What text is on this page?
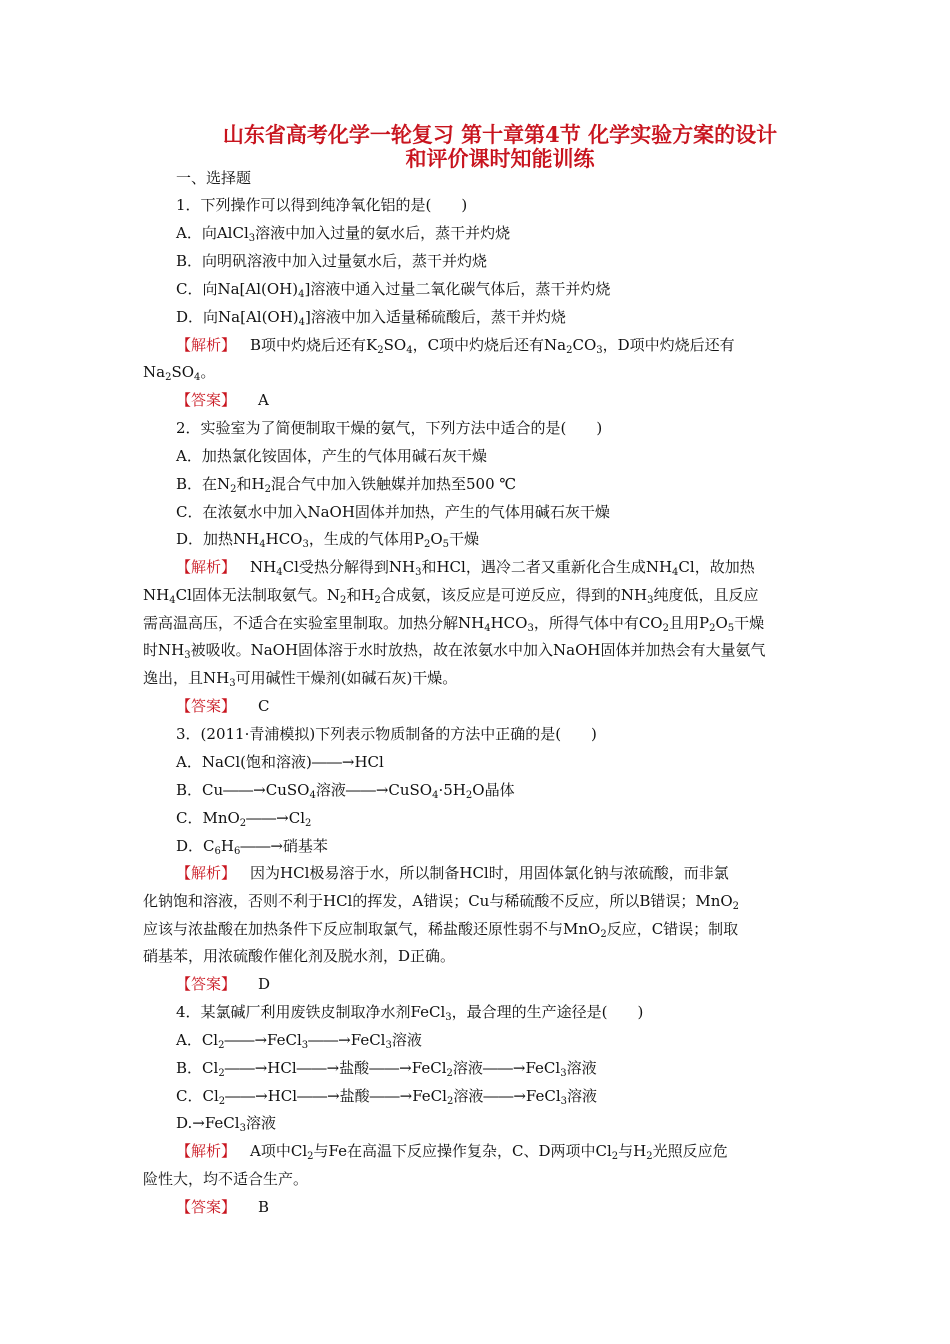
山东省高考化学一轮复习 第十章第4节 化学实验方案的设计
和评价课时知能训练

一、选择题

1．下列操作可以得到纯净氧化铝的是(　　)

A．向AlCl$_3$溶液中加入过量的氨水后，蒸干并灼烧

B．向明矾溶液中加入过量氨水后，蒸干并灼烧

C．向$Na[Al(OH)_4]$溶液中通入过量二氧化碳气体后，蒸干并灼烧

D．向$Na[Al(OH)_4]$溶液中加入适量稀硫酸后，蒸干并灼烧

【解析】 B项中灼烧后还有$K_2SO_4$，C项中灼烧后还有$Na_2CO_3$，D项中灼烧后还有

$Na_2SO_4$。

【答案】 A

2．实验室为了简便制取干燥的氨气，下列方法中适合的是(　　)

A．加热氯化铵固体，产生的气体用碱石灰干燥

B．在$N_2$和$H_2$混合气中加入铁触媒并加热至500 ℃

C．在浓氨水中加入NaOH固体并加热，产生的气体用碱石灰干燥

D．加热$NH_4HCO_3$，生成的气体用$P_2O_5$干燥

【解析】 $NH_4Cl$受热分解得到$NH_3$和HCl，遇冷二者又重新化合生成$NH_4Cl$，故加热

$NH_4Cl$固体无法制取氨气。$N_2$和$H_2$合成氨，该反应是可逆反应，得到的$NH_3$纯度低，且反应

需高温高压，不适合在实验室里制取。加热分解$NH_4HCO_3$，所得气体中有$CO_2$且用$P_2O_5$干燥

时$NH_3$被吸收。NaOH固体溶于水时放热，故在浓氨水中加入NaOH固体并加热会有大量氨气

逸出，且$NH_3$可用碱性干燥剂(如碱石灰)干燥。

【答案】 C

3．(2011·青浦模拟)下列表示物质制备的方法中正确的是(　　)

A．NaCl(饱和溶液)――→HCl

B．Cu――→CuSO$_4$溶液$――\to CuSO_4\cdot 5H_2O$晶体

C．$MnO_2――\to Cl_2$

D．$C_6H_6――\to$硝基苯

【解析】 因为HCl极易溶于水，所以制备HCl时，用固体氯化钠与浓硫酸，而非氯

化钠饱和溶液，否则不利于HCl的挥发，A错误；Cu与稀硫酸不反应，所以B错误；MnO$_2$

应该与浓盐酸在加热条件下反应制取氯气，稀盐酸还原性弱不与MnO$_2$反应，C错误；制取

硝基苯，用浓硫酸作催化剂及脱水剂，D正确。

【答案】 D

4．某氯碱厂利用废铁皮制取净水剂FeCl$_3$，最合理的生产途径是(　　)

A．$Cl_2――\to FeCl_3――\to FeCl_3$溶液

B．$Cl_2――\to HCl――\to$盐酸――→FeCl$_2$溶液――→FeCl$_3$溶液

C．$Cl_2――\to HCl――\to$盐酸――→FeCl$_2$溶液――→FeCl$_3$溶液

D.→FeCl$_3$溶液

【解析】 A项中$Cl_2$与Fe在高温下反应操作复杂，C、D两项中$Cl_2$与$H_2$光照反应危

险性大，均不适合生产。

【答案】 B
